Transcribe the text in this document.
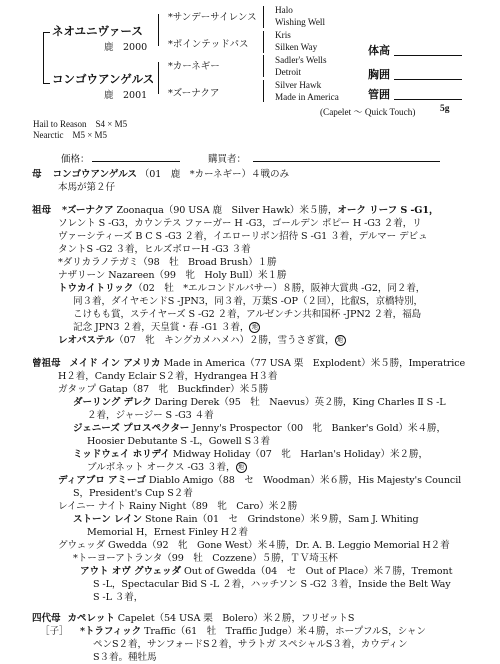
ネオユニヴァース
鹿　2000
コンゴウアンゲルス
鹿　2001
*サンデーサイレンス
*ポインテッドパス
*カーネギー
*ズーナクア
Halo
Wishing Well
Kris
Silken Way
Sadler's Wells
Detroit
Silver Hawk
Made in America
体高
胸囲
管囲
(Capelet ～ Quick Touch)	5g
Hail to Reason　S4 × M5
Nearctic　M5 × M5
価格：	購買者：
母 コンゴウアンゲルス （01　鹿　*カーネギー）４戦のみ
本馬が第２仔
祖母 *ズーナクア Zoonaqua（90 USA 鹿　Silver Hawk）米５勝，オーク リーフ S -G1，
ソレント S -G3，カウンテス ファーガー H -G3，ゴールデン ポピー H -G3 ２着，リ
ヴァーシティーズ B C S -G3 ２着，イエローリボン招待 S -G1 ３着，デルマー デビュ
タントS -G2 ３着，ヒルズボローH -G3 ３着
*ダリカラノテガミ（98　牡　Broad Brush）１勝
ナザリーン Nazareen（99　牝　Holy Bull）米１勝
トウカイトリック（02　牡　*エルコンドルパサー）８勝，阪神大賞典 -G2，同２着，
同３着，ダイヤモンドS -JPN3，同３着，万葉S -OP（２回），比叡S，京橋特別，
こけもも賞，ステイヤーズ S -G2 ２着，アルゼンチン共和国杯 -JPN2 ２着，福島
記念 JPN3 ２着，天皇賞・春 -G1 ３着， 地
レオパステル（07　牝　キングカメハメハ）２勝，雪うさぎ賞， 地
曾祖母 メイド イン アメリカ Made in America（77 USA 栗　Explodent）米５勝，Imperatrice
H２着，Candy Eclair S２着，Hydrangea H３着
ガタップ Gatap（87　牝　Buckfinder）米５勝
ダーリング デレク Daring Derek（95　牡　Naevus）英２勝，King Charles Ⅱ S -L
２着，ジャージー S -G3 ４着
ジェニーズ プロスペクター Jenny's Prospector（00　牝　Banker's Gold）米４勝，
Hoosier Debutante S -L，Gowell S３着
ミッドウェイ ホリデイ Midway Holiday（07　牝　Harlan's Holiday）米２勝，
ブルボネット オークス -G3 ３着， 地
ディアブロ アミーゴ Diablo Amigo（88　セ　Woodman）米６勝，His Majesty's Council
S，President's Cup S２着
レイニー ナイト Rainy Night（89　牝　Caro）米２勝
ストーン レイン Stone Rain（01　セ　Grindstone）米９勝，Sam J. Whiting
Memorial H，Ernest Finley H２着
グウェッダ Gwedda（92　牝　Gone West）米４勝，Dr. A. B. Leggio Memorial H２着
*トーヨーアトランタ（99　牡　Cozzene）５勝，ＴＶ埼玉杯
アウト オヴ グウェッダ Out of Gwedda（04　セ　Out of Place）米７勝，Tremont
S -L，Spectacular Bid S -L ２着，ハッチソン S -G2 ３着，Inside the Belt Way
S -L ３着，
四代母 カペレット Capelet（54 USA 栗　Bolero）米２勝，フリゼットS
［子］ *トラフィック Traffic（61　牡　Traffic Judge）米４勝，ホープフルS，シャン
ペンS２着，サンフォードS２着，サラトガ スペシャルS３着，カウディン
S３着。種牡馬
